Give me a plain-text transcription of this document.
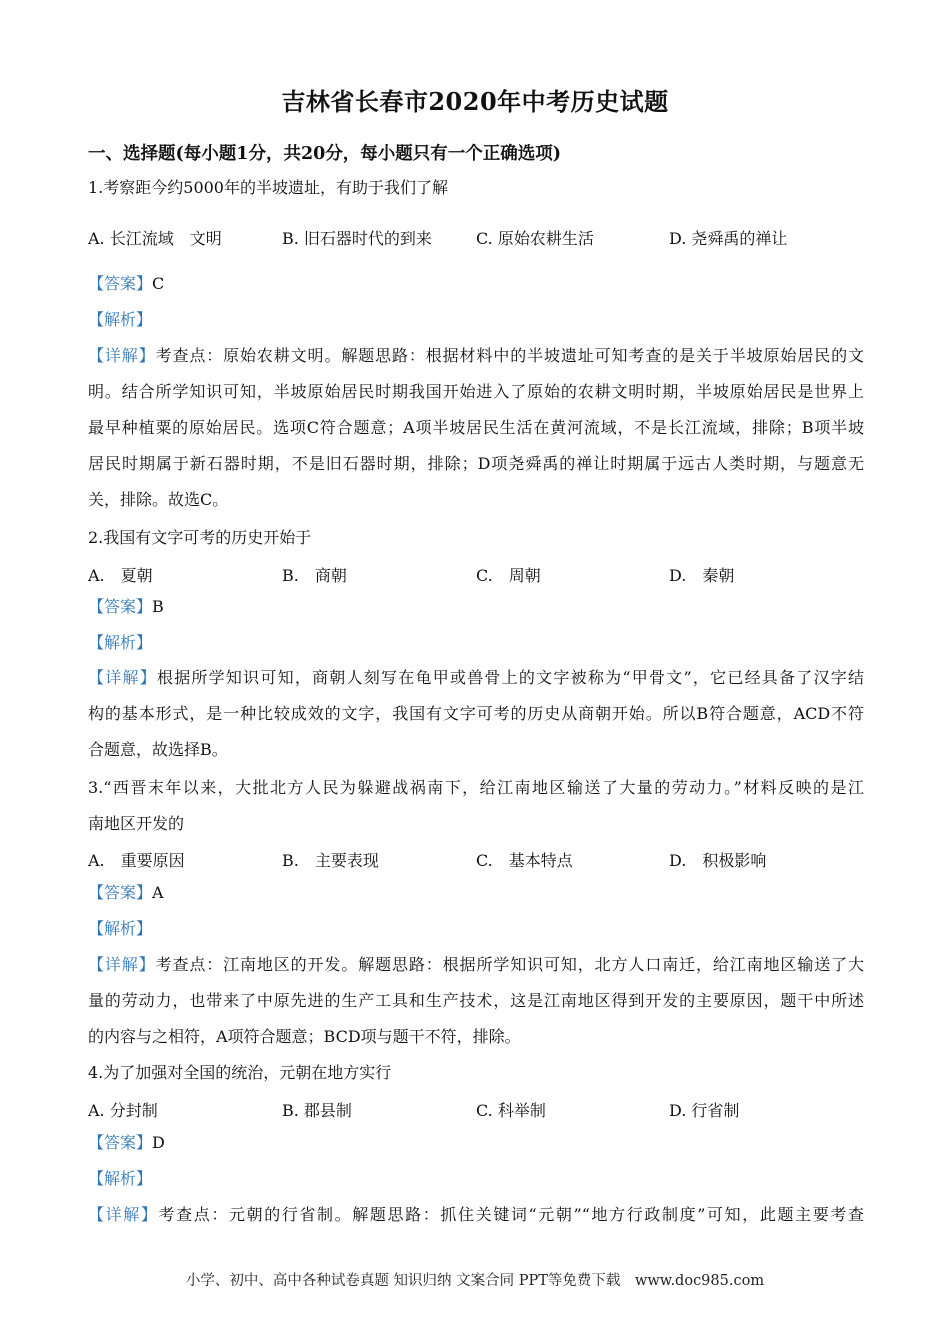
吉林省长春市2020年中考历史试题
一、选择题(每小题1分，共20分，每小题只有一个正确选项)
1.考察距今约5000年的半坡遗址，有助于我们了解
A. 长江流域　文明	B. 旧石器时代的到来	C. 原始农耕生活	D. 尧舜禹的禅让
【答案】C
【解析】
【详解】考查点：原始农耕文明。解题思路：根据材料中的半坡遗址可知考查的是关于半坡原始居民的文
明。结合所学知识可知，半坡原始居民时期我国开始进入了原始的农耕文明时期，半坡原始居民是世界上
最早种植粟的原始居民。选项C符合题意；A项半坡居民生活在黄河流域，不是长江流域，排除；B项半坡
居民时期属于新石器时期，不是旧石器时期，排除；D项尧舜禹的禅让时期属于远古人类时期，与题意无
关，排除。故选C。
2.我国有文字可考的历史开始于
A.　夏朝	B.　商朝	C.　周朝	D.　秦朝
【答案】B
【解析】
【详解】根据所学知识可知，商朝人刻写在龟甲或兽骨上的文字被称为“甲骨文”，它已经具备了汉字结
构的基本形式，是一种比较成效的文字，我国有文字可考的历史从商朝开始。所以B符合题意，ACD不符
合题意，故选择B。
3.“西晋末年以来，大批北方人民为躲避战祸南下，给江南地区输送了大量的劳动力。”材料反映的是江
南地区开发的
A.　重要原因	B.　主要表现	C.　基本特点	D.　积极影响
【答案】A
【解析】
【详解】考查点：江南地区的开发。解题思路：根据所学知识可知，北方人口南迁，给江南地区输送了大
量的劳动力，也带来了中原先进的生产工具和生产技术，这是江南地区得到开发的主要原因，题干中所述
的内容与之相符，A项符合题意；BCD项与题干不符，排除。
4.为了加强对全国的统治，元朝在地方实行
A. 分封制	B. 郡县制	C. 科举制	D. 行省制
【答案】D
【解析】
【详解】考查点：元朝的行省制。解题思路：抓住关键词“元朝”“地方行政制度”可知，此题主要考查
小学、初中、高中各种试卷真题 知识归纳 文案合同 PPT等免费下载　www.doc985.com
